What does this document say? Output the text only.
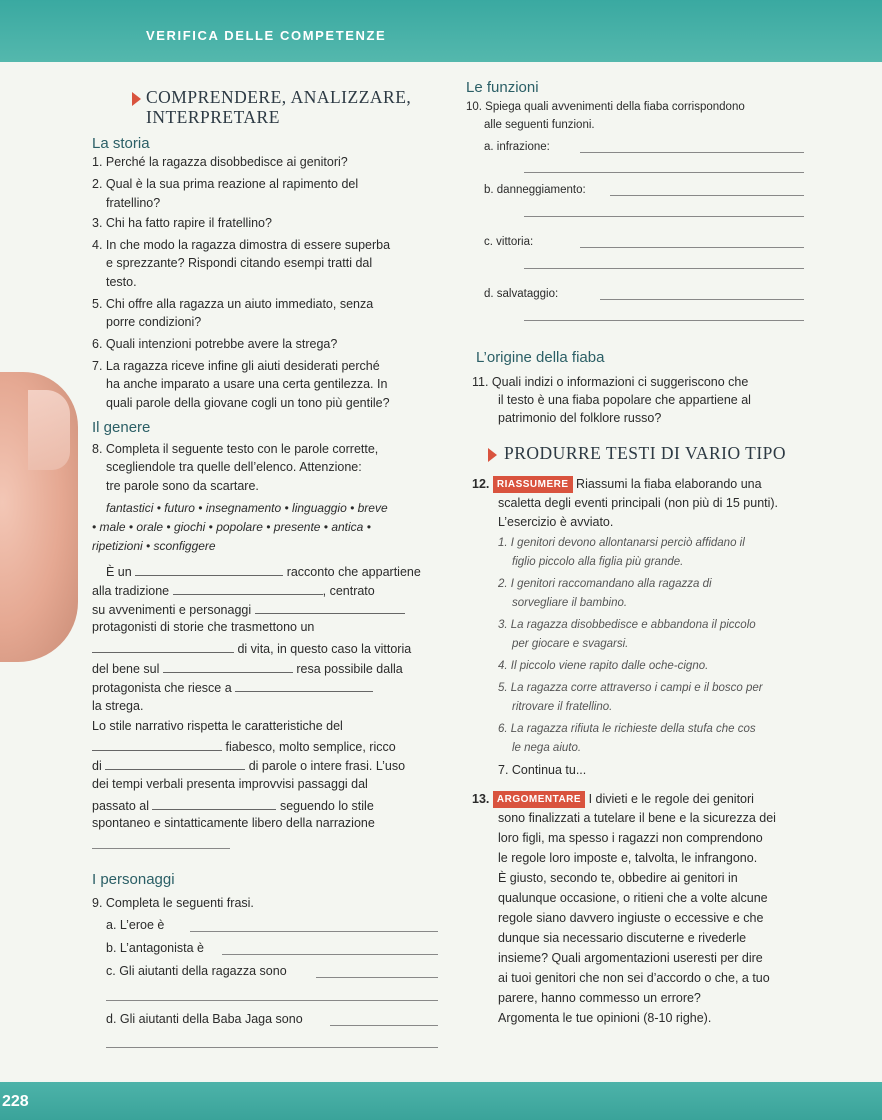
VERIFICA DELLE COMPETENZE
228
COMPRENDERE, ANALIZZARE,
INTERPRETARE
La storia
1. Perché la ragazza disobbedisce ai genitori?
2. Qual è la sua prima reazione al rapimento del
fratellino?
3. Chi ha fatto rapire il fratellino?
4. In che modo la ragazza dimostra di essere superba
e sprezzante? Rispondi citando esempi tratti dal
testo.
5. Chi offre alla ragazza un aiuto immediato, senza
porre condizioni?
6. Quali intenzioni potrebbe avere la strega?
7. La ragazza riceve infine gli aiuti desiderati perché
ha anche imparato a usare una certa gentilezza. In
quali parole della giovane cogli un tono più gentile?
Il genere
8. Completa il seguente testo con le parole corrette,
scegliendole tra quelle dell’elenco. Attenzione:
tre parole sono da scartare.
fantastici • futuro • insegnamento • linguaggio • breve
• male • orale • giochi • popolare • presente • antica •
ripetizioni • sconfiggere
È un	racconto che appartiene
alla tradizione	, centrato
su avvenimenti e personaggi
protagonisti di storie che trasmettono un
di vita, in questo caso la vittoria
del bene sul	resa possibile dalla
protagonista che riesce a
la strega.
Lo stile narrativo rispetta le caratteristiche del
fiabesco, molto semplice, ricco
di	di parole o intere frasi. L’uso
dei tempi verbali presenta improvvisi passaggi dal
passato al	seguendo lo stile
spontaneo e sintatticamente libero della narrazione
I personaggi
9. Completa le seguenti frasi.
a. L’eroe è
b. L’antagonista è
c. Gli aiutanti della ragazza sono
d. Gli aiutanti della Baba Jaga sono
Le funzioni
10. Spiega quali avvenimenti della fiaba corrispondono
alle seguenti funzioni.
a. infrazione:
b. danneggiamento:
c. vittoria:
d. salvataggio:
L’origine della fiaba
11. Quali indizi o informazioni ci suggeriscono che
il testo è una fiaba popolare che appartiene al
patrimonio del folklore russo?
PRODURRE TESTI DI VARIO TIPO
12. RIASSUMERE Riassumi la fiaba elaborando una
scaletta degli eventi principali (non più di 15 punti).
L’esercizio è avviato.
1. I genitori devono allontanarsi perciò affidano il
figlio piccolo alla figlia più grande.
2. I genitori raccomandano alla ragazza di
sorvegliare il bambino.
3. La ragazza disobbedisce e abbandona il piccolo
per giocare e svagarsi.
4. Il piccolo viene rapito dalle oche-cigno.
5. La ragazza corre attraverso i campi e il bosco per
ritrovare il fratellino.
6. La ragazza rifiuta le richieste della stufa che cos
le nega aiuto.
7. Continua tu...
13. ARGOMENTARE I divieti e le regole dei genitori
sono finalizzati a tutelare il bene e la sicurezza dei
loro figli, ma spesso i ragazzi non comprendono
le regole loro imposte e, talvolta, le infrangono.
È giusto, secondo te, obbedire ai genitori in
qualunque occasione, o ritieni che a volte alcune
regole siano davvero ingiuste o eccessive e che
dunque sia necessario discuterne e rivederle
insieme? Quali argomentazioni useresti per dire
ai tuoi genitori che non sei d’accordo o che, a tuo
parere, hanno commesso un errore?
Argomenta le tue opinioni (8-10 righe).
